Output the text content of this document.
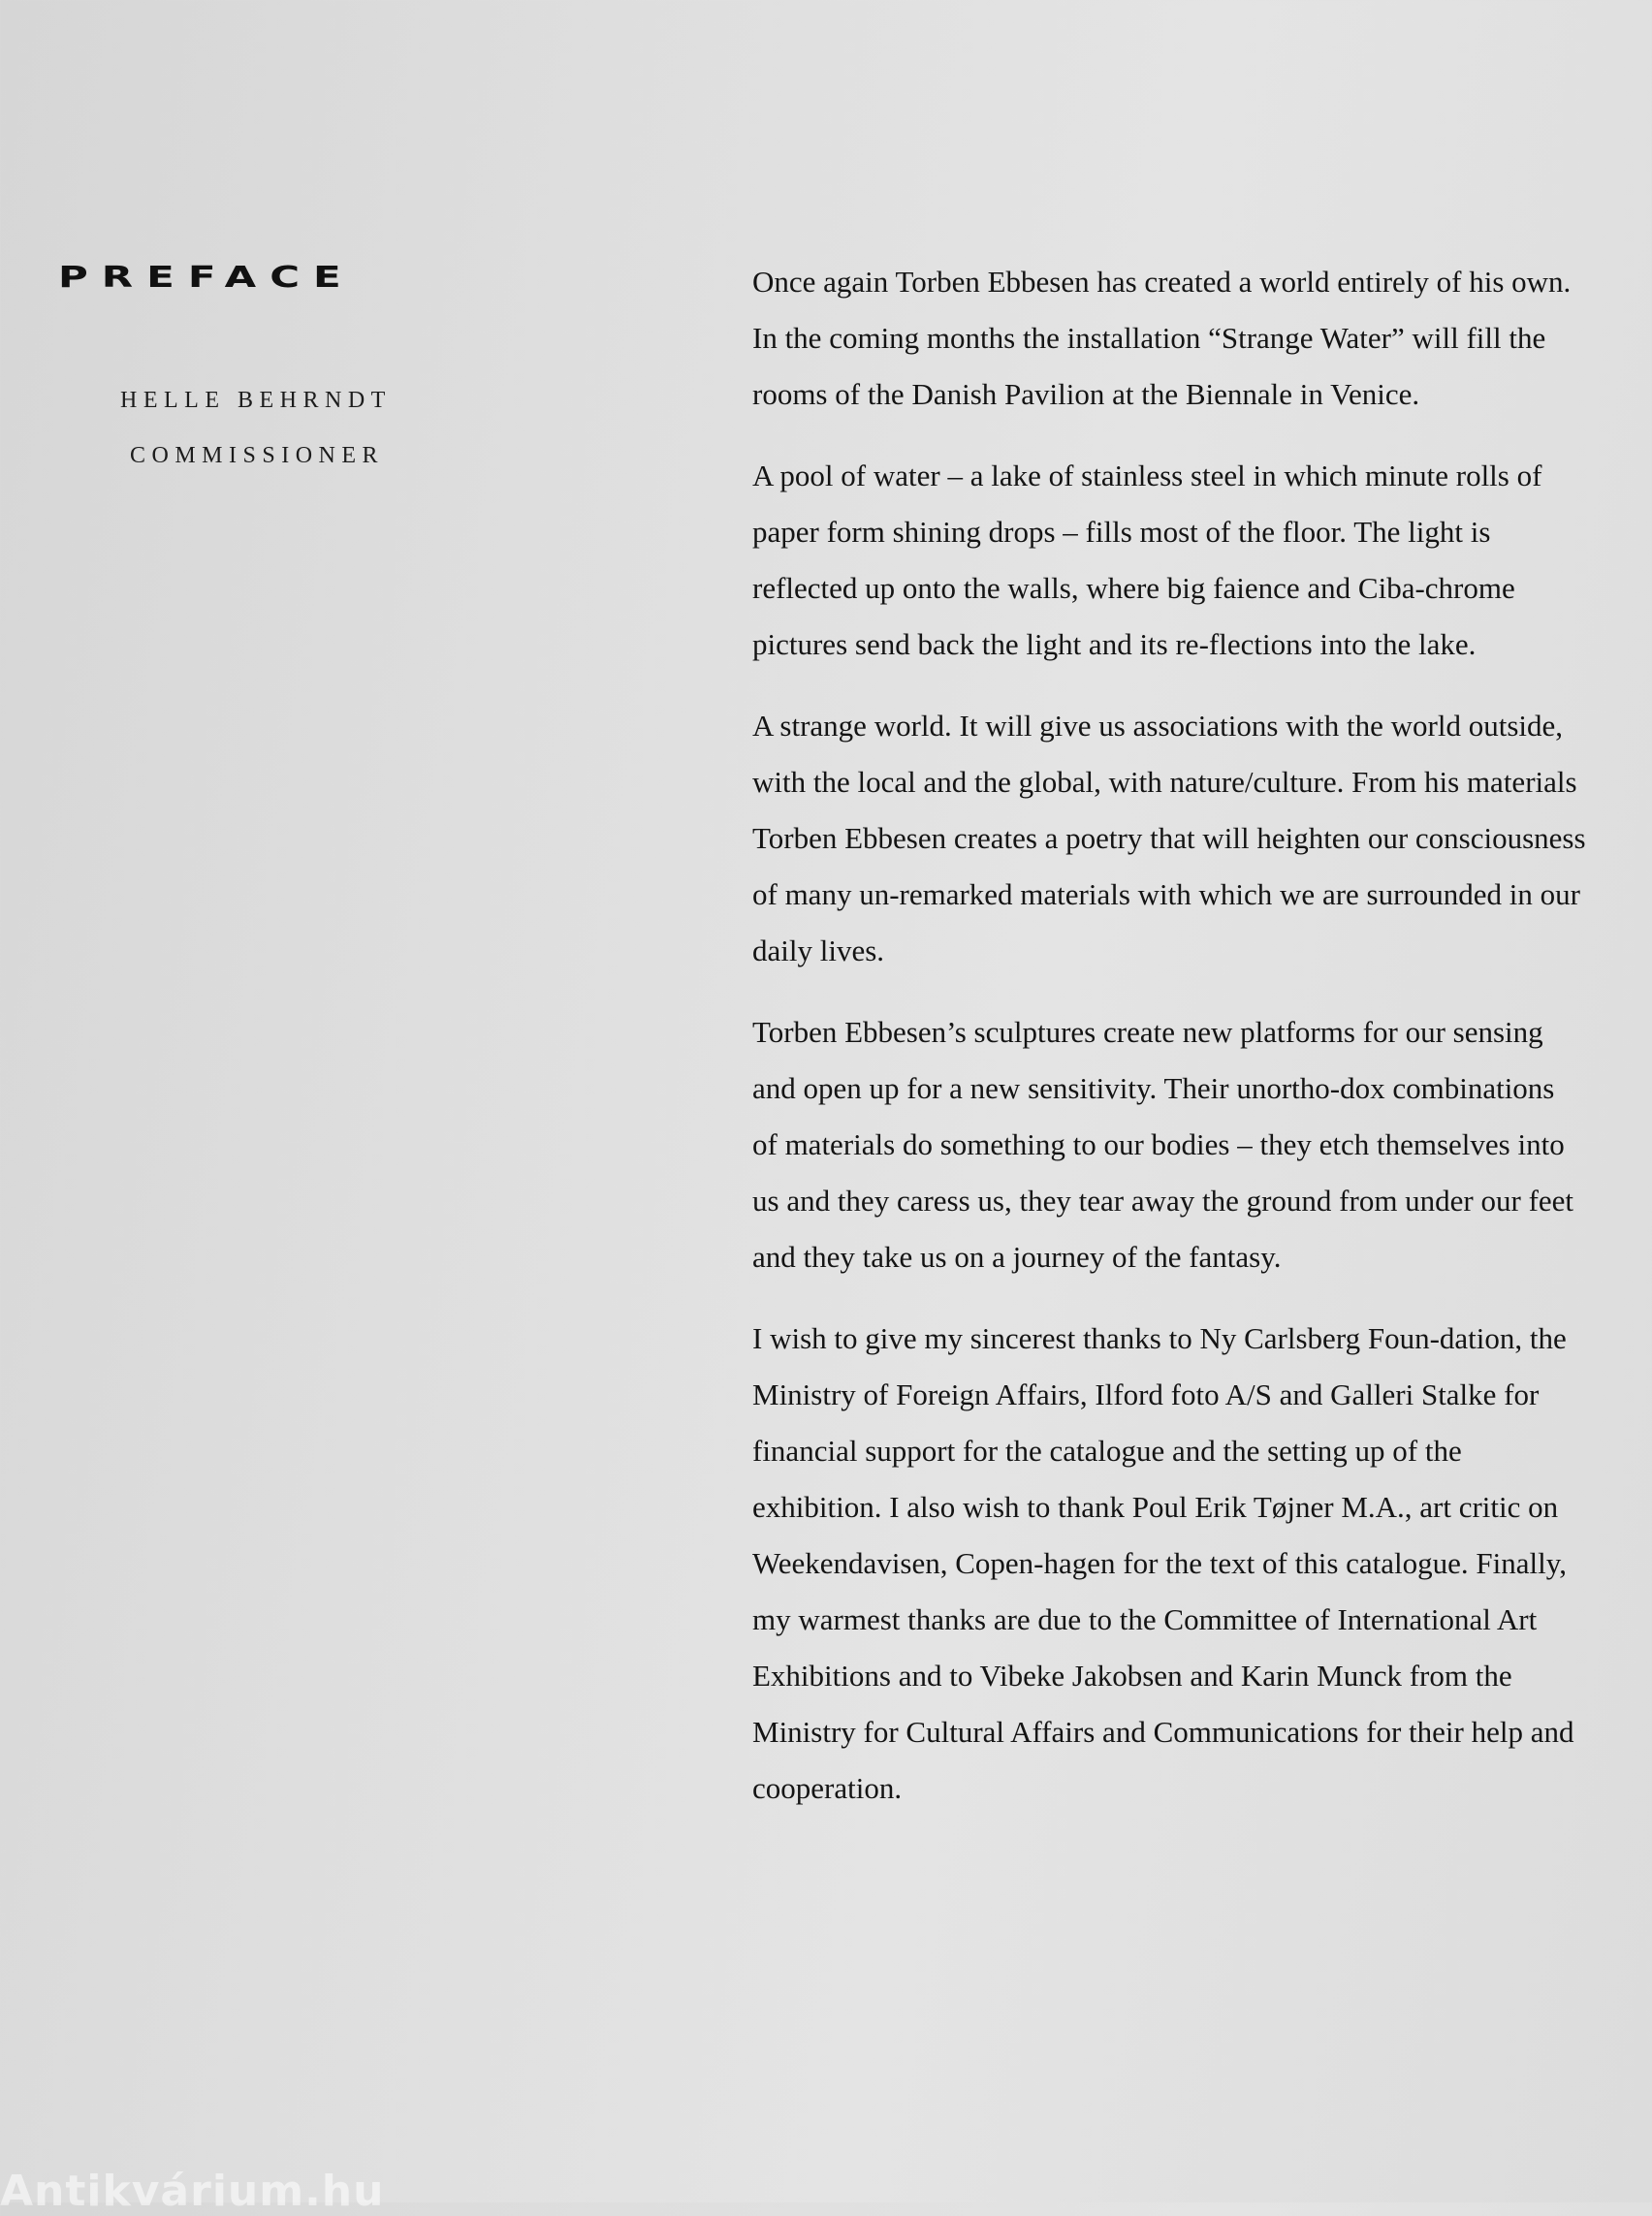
PREFACE
HELLE BEHRNDT
COMMISSIONER

Once again Torben Ebbesen has created a world entirely of his own. In the coming months the installation “Strange Water” will fill the rooms of the Danish Pavilion at the Biennale in Venice.

A pool of water – a lake of stainless steel in which minute rolls of paper form shining drops – fills most of the floor. The light is reflected up onto the walls, where big faience and Ciba-chrome pictures send back the light and its re-flections into the lake.

A strange world. It will give us associations with the world outside, with the local and the global, with nature/culture. From his materials Torben Ebbesen creates a poetry that will heighten our consciousness of many un-remarked materials with which we are surrounded in our daily lives.

Torben Ebbesen’s sculptures create new platforms for our sensing and open up for a new sensitivity. Their unortho-dox combinations of materials do something to our bodies – they etch themselves into us and they caress us, they tear away the ground from under our feet and they take us on a journey of the fantasy.

I wish to give my sincerest thanks to Ny Carlsberg Foun-dation, the Ministry of Foreign Affairs, Ilford foto A/S and Galleri Stalke for financial support for the catalogue and the setting up of the exhibition. I also wish to thank Poul Erik Tøjner M.A., art critic on Weekendavisen, Copen-hagen for the text of this catalogue. Finally, my warmest thanks are due to the Committee of International Art Exhibitions and to Vibeke Jakobsen and Karin Munck from the Ministry for Cultural Affairs and Communications for their help and cooperation.

Antikvárium.hu
